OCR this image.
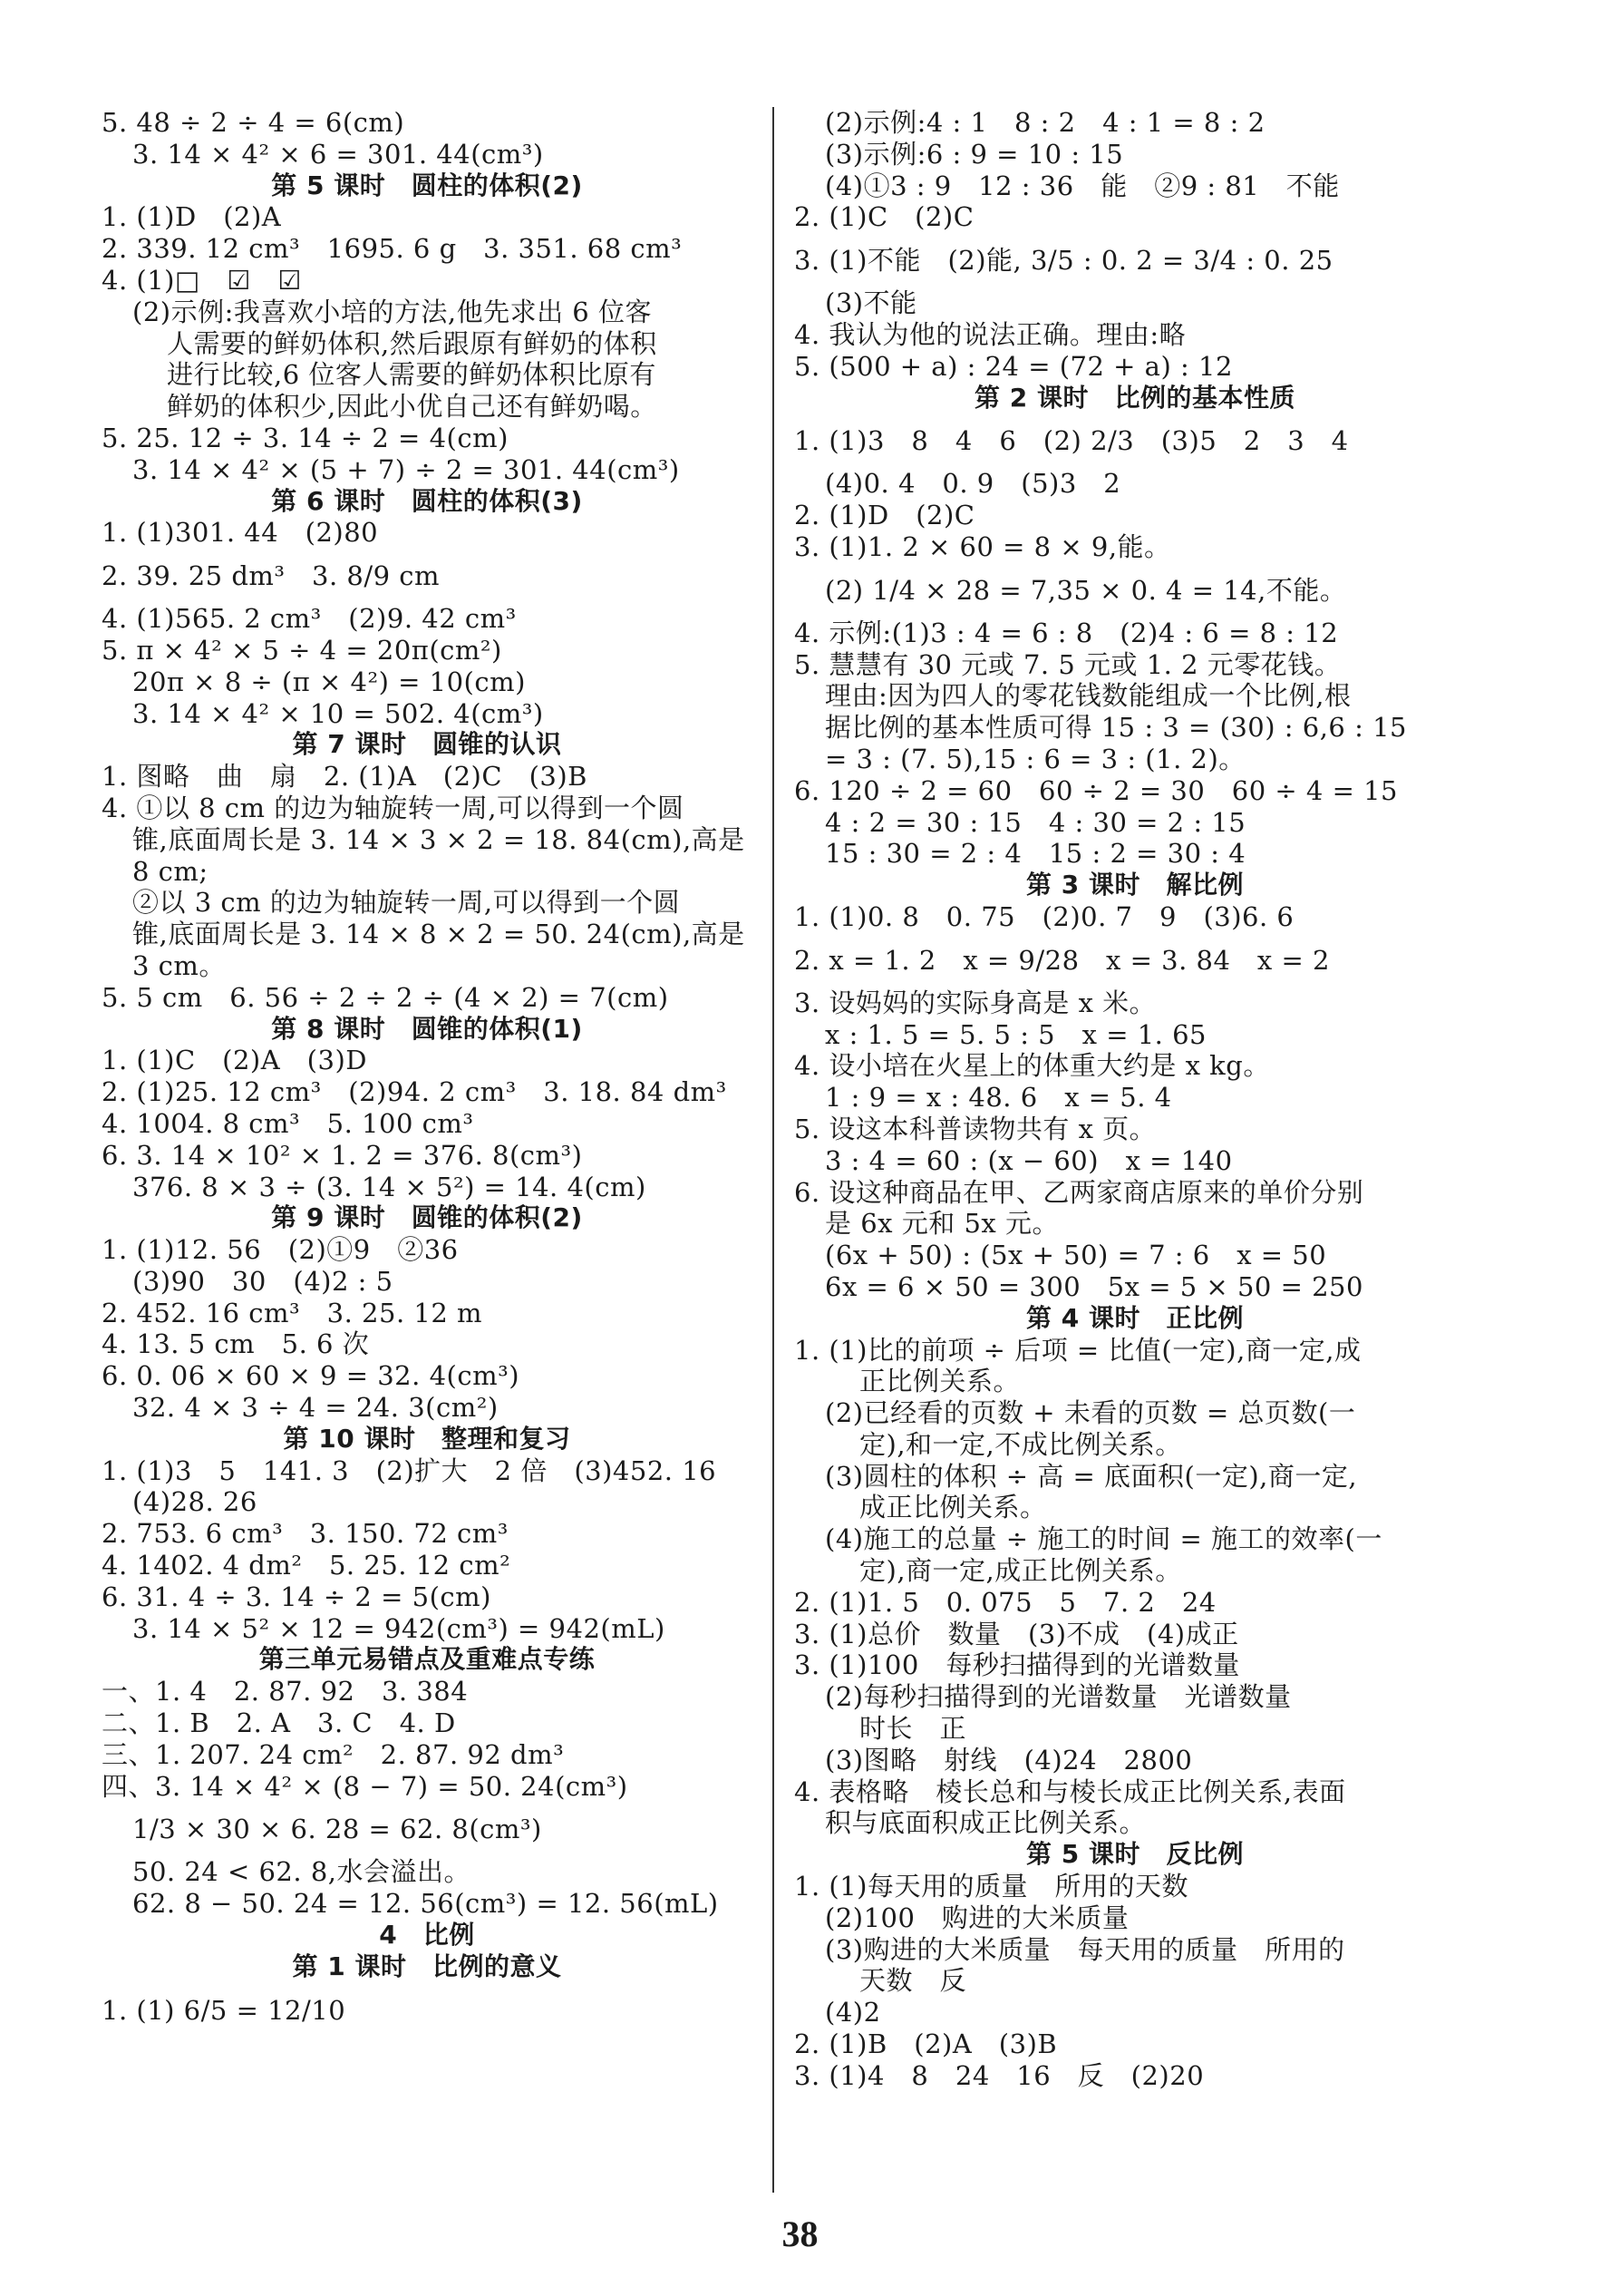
5. 48 ÷ 2 ÷ 4 = 6(cm)
3. 14 × 4² × 6 = 301. 44(cm³)
第 5 课时　圆柱的体积(2)
1. (1)D　(2)A
2. 339. 12 cm³　1695. 6 g　3. 351. 68 cm³
4. (1)□　☑　☑
(2)示例:我喜欢小培的方法,他先求出 6 位客
人需要的鲜奶体积,然后跟原有鲜奶的体积
进行比较,6 位客人需要的鲜奶体积比原有
鲜奶的体积少,因此小优自己还有鲜奶喝。
5. 25. 12 ÷ 3. 14 ÷ 2 = 4(cm)
3. 14 × 4² × (5 + 7) ÷ 2 = 301. 44(cm³)
第 6 课时　圆柱的体积(3)
1. (1)301. 44　(2)80
2. 39. 25 dm³　3. 8/9 cm
4. (1)565. 2 cm³　(2)9. 42 cm³
5. π × 4² × 5 ÷ 4 = 20π(cm²)
20π × 8 ÷ (π × 4²) = 10(cm)
3. 14 × 4² × 10 = 502. 4(cm³)
第 7 课时　圆锥的认识
1. 图略　曲　扇　2. (1)A　(2)C　(3)B
4. ①以 8 cm 的边为轴旋转一周,可以得到一个圆
锥,底面周长是 3. 14 × 3 × 2 = 18. 84(cm),高是
8 cm;
②以 3 cm 的边为轴旋转一周,可以得到一个圆
锥,底面周长是 3. 14 × 8 × 2 = 50. 24(cm),高是
3 cm。
5. 5 cm　6. 56 ÷ 2 ÷ 2 ÷ (4 × 2) = 7(cm)
第 8 课时　圆锥的体积(1)
1. (1)C　(2)A　(3)D
2. (1)25. 12 cm³　(2)94. 2 cm³　3. 18. 84 dm³
4. 1004. 8 cm³　5. 100 cm³
6. 3. 14 × 10² × 1. 2 = 376. 8(cm³)
376. 8 × 3 ÷ (3. 14 × 5²) = 14. 4(cm)
第 9 课时　圆锥的体积(2)
1. (1)12. 56　(2)①9　②36
(3)90　30　(4)2 : 5
2. 452. 16 cm³　3. 25. 12 m
4. 13. 5 cm　5. 6 次
6. 0. 06 × 60 × 9 = 32. 4(cm³)
32. 4 × 3 ÷ 4 = 24. 3(cm²)
第 10 课时　整理和复习
1. (1)3　5　141. 3　(2)扩大　2 倍　(3)452. 16
(4)28. 26
2. 753. 6 cm³　3. 150. 72 cm³
4. 1402. 4 dm²　5. 25. 12 cm²
6. 31. 4 ÷ 3. 14 ÷ 2 = 5(cm)
3. 14 × 5² × 12 = 942(cm³) = 942(mL)
第三单元易错点及重难点专练
一、1. 4　2. 87. 92　3. 384
二、1. B　2. A　3. C　4. D
三、1. 207. 24 cm²　2. 87. 92 dm³
四、3. 14 × 4² × (8 − 7) = 50. 24(cm³)
1/3 × 30 × 6. 28 = 62. 8(cm³)
50. 24 < 62. 8,水会溢出。
62. 8 − 50. 24 = 12. 56(cm³) = 12. 56(mL)
4　比例
第 1 课时　比例的意义
1. (1) 6/5 = 12/10
(2)示例:4 : 1　8 : 2　4 : 1 = 8 : 2
(3)示例:6 : 9 = 10 : 15
(4)①3 : 9　12 : 36　能　②9 : 81　不能
2. (1)C　(2)C
3. (1)不能　(2)能, 3/5 : 0. 2 = 3/4 : 0. 25
(3)不能
4. 我认为他的说法正确。理由:略
5. (500 + a) : 24 = (72 + a) : 12
第 2 课时　比例的基本性质
1. (1)3　8　4　6　(2) 2/3　(3)5　2　3　4
(4)0. 4　0. 9　(5)3　2
2. (1)D　(2)C
3. (1)1. 2 × 60 = 8 × 9,能。
(2) 1/4 × 28 = 7,35 × 0. 4 = 14,不能。
4. 示例:(1)3 : 4 = 6 : 8　(2)4 : 6 = 8 : 12
5. 慧慧有 30 元或 7. 5 元或 1. 2 元零花钱。
理由:因为四人的零花钱数能组成一个比例,根
据比例的基本性质可得 15 : 3 = (30) : 6,6 : 15
= 3 : (7. 5),15 : 6 = 3 : (1. 2)。
6. 120 ÷ 2 = 60　60 ÷ 2 = 30　60 ÷ 4 = 15
4 : 2 = 30 : 15　4 : 30 = 2 : 15
15 : 30 = 2 : 4　15 : 2 = 30 : 4
第 3 课时　解比例
1. (1)0. 8　0. 75　(2)0. 7　9　(3)6. 6
2. x = 1. 2　x = 9/28　x = 3. 84　x = 2
3. 设妈妈的实际身高是 x 米。
x : 1. 5 = 5. 5 : 5　x = 1. 65
4. 设小培在火星上的体重大约是 x kg。
1 : 9 = x : 48. 6　x = 5. 4
5. 设这本科普读物共有 x 页。
3 : 4 = 60 : (x − 60)　x = 140
6. 设这种商品在甲、乙两家商店原来的单价分别
是 6x 元和 5x 元。
(6x + 50) : (5x + 50) = 7 : 6　x = 50
6x = 6 × 50 = 300　5x = 5 × 50 = 250
第 4 课时　正比例
1. (1)比的前项 ÷ 后项 = 比值(一定),商一定,成
正比例关系。
(2)已经看的页数 + 未看的页数 = 总页数(一
定),和一定,不成比例关系。
(3)圆柱的体积 ÷ 高 = 底面积(一定),商一定,
成正比例关系。
(4)施工的总量 ÷ 施工的时间 = 施工的效率(一
定),商一定,成正比例关系。
2. (1)1. 5　0. 075　5　7. 2　24
3. (1)总价　数量　(3)不成　(4)成正
3. (1)100　每秒扫描得到的光谱数量
(2)每秒扫描得到的光谱数量　光谱数量
时长　正
(3)图略　射线　(4)24　2800
4. 表格略　棱长总和与棱长成正比例关系,表面
积与底面积成正比例关系。
第 5 课时　反比例
1. (1)每天用的质量　所用的天数
(2)100　购进的大米质量
(3)购进的大米质量　每天用的质量　所用的
天数　反
(4)2
2. (1)B　(2)A　(3)B
3. (1)4　8　24　16　反　(2)20
38
